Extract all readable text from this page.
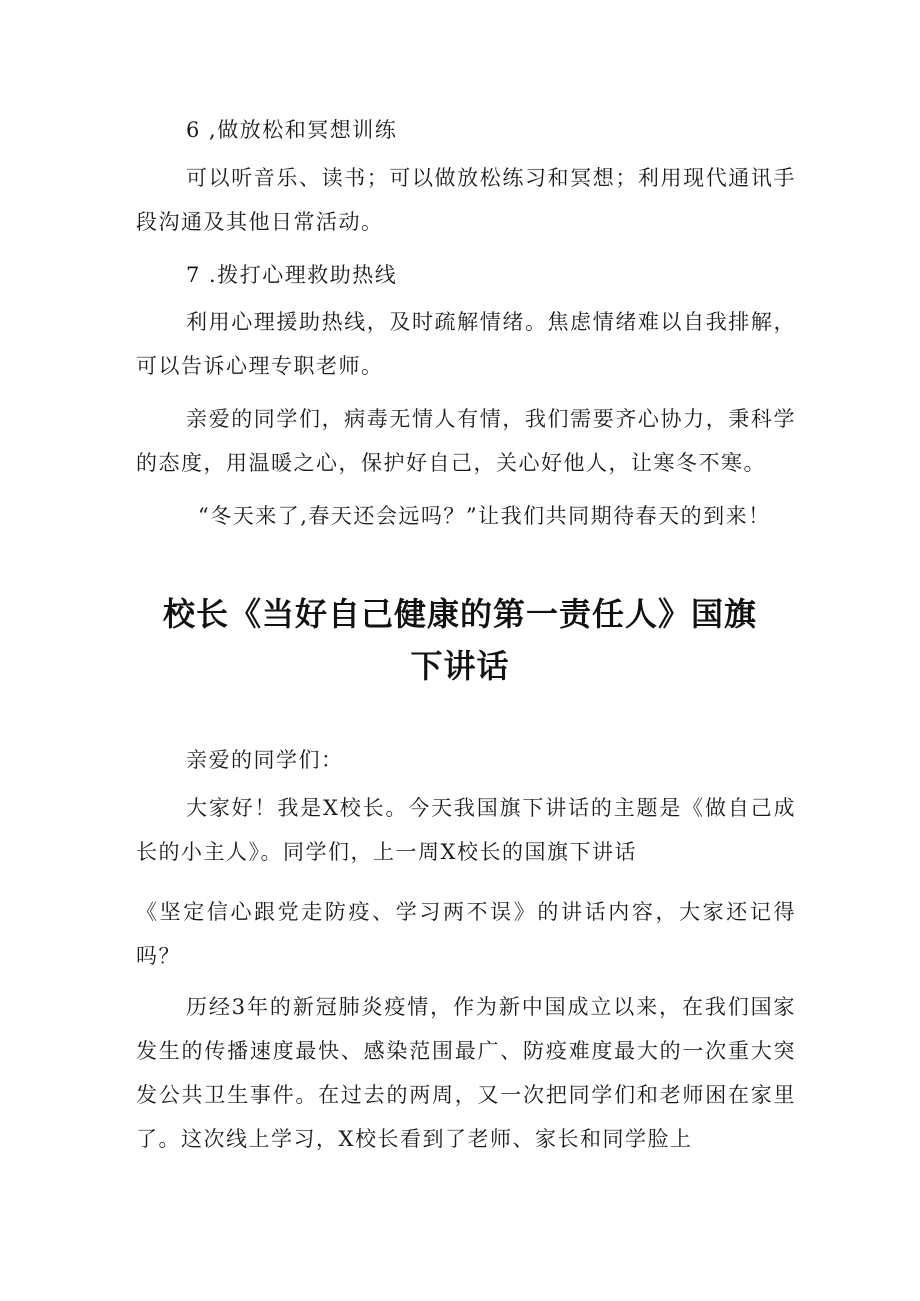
6 ,做放松和冥想训练

可以听音乐、读书；可以做放松练习和冥想；利用现代通讯手段沟通及其他日常活动。

7 .拨打心理救助热线

利用心理援助热线，及时疏解情绪。焦虑情绪难以自我排解，可以告诉心理专职老师。

亲爱的同学们，病毒无情人有情，我们需要齐心协力，秉科学的态度，用温暖之心，保护好自己，关心好他人，让寒冬不寒。

“冬天来了,春天还会远吗？”让我们共同期待春天的到来！

校长《当好自己健康的第一责任人》国旗
下讲话

亲爱的同学们：

大家好！我是X校长。今天我国旗下讲话的主题是《做自己成长的小主人》。同学们，上一周X校长的国旗下讲话

《坚定信心跟党走防疫、学习两不误》的讲话内容，大家还记得吗？

历经3年的新冠肺炎疫情，作为新中国成立以来，在我们国家发生的传播速度最快、感染范围最广、防疫难度最大的一次重大突发公共卫生事件。在过去的两周，又一次把同学们和老师困在家里了。这次线上学习，X校长看到了老师、家长和同学脸上
